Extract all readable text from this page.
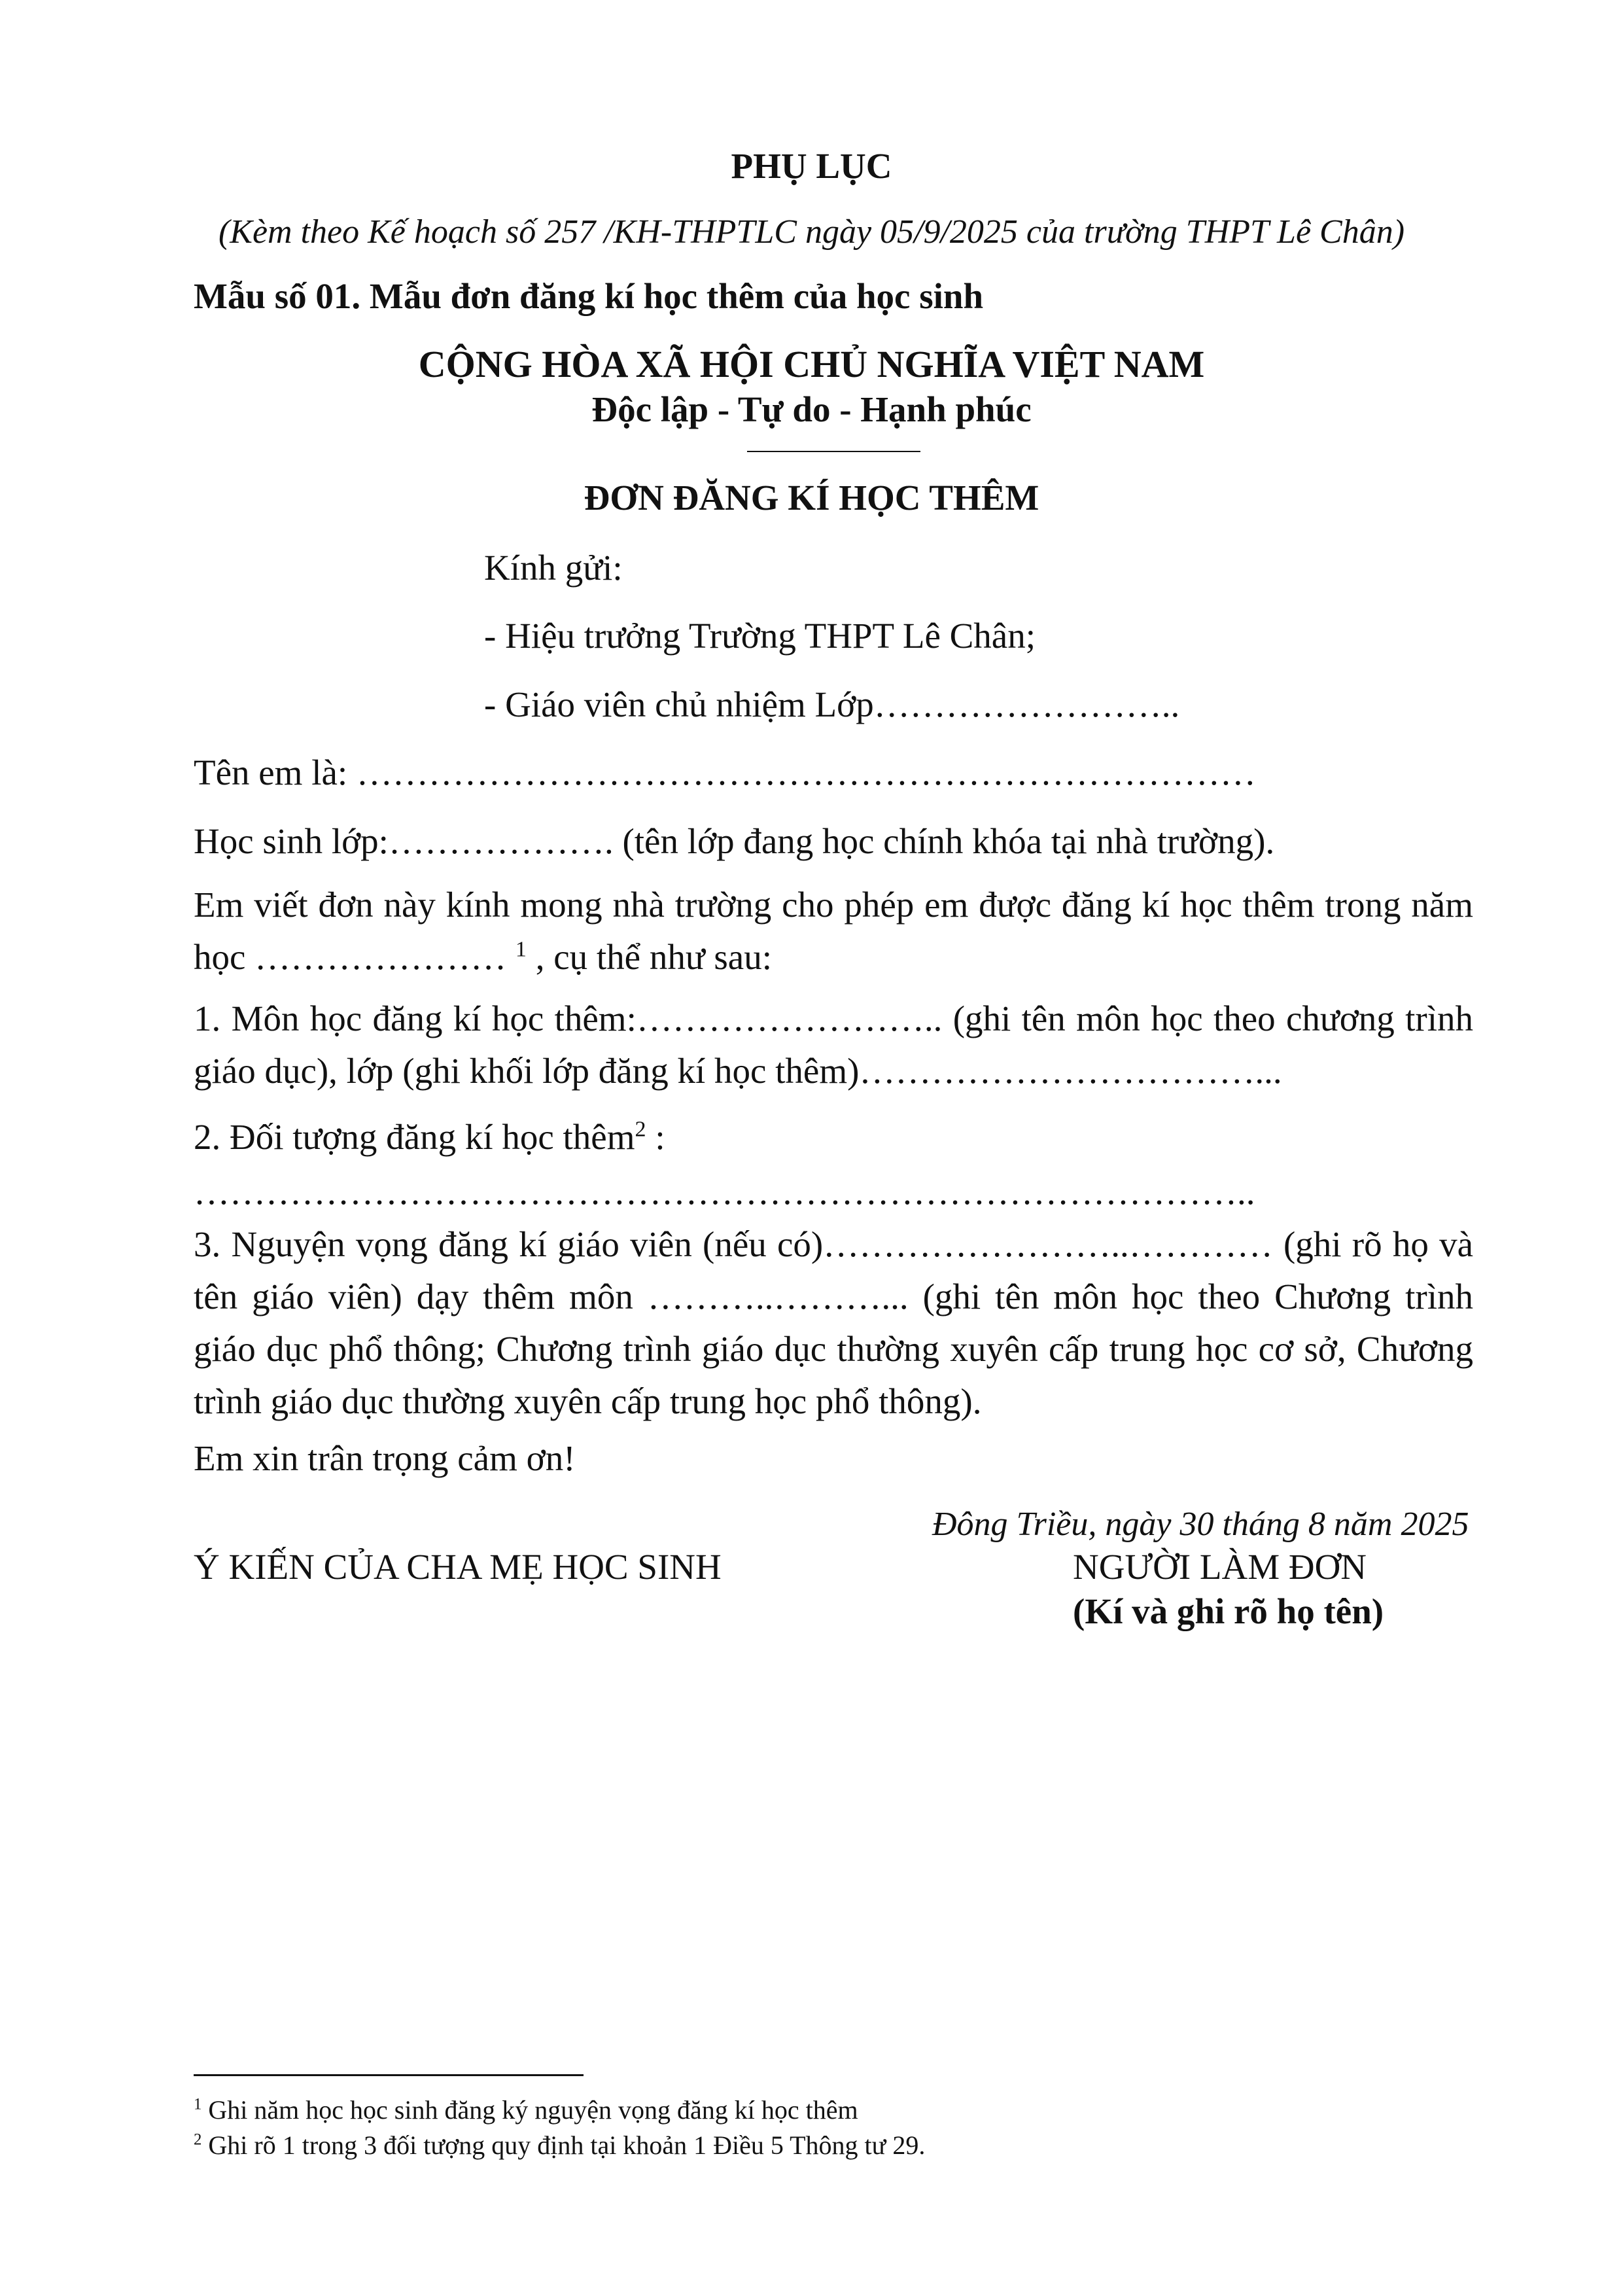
PHỤ LỤC
(Kèm theo Kế hoạch số 257 /KH-THPTLC ngày 05/9/2025 của trường THPT Lê Chân)
Mẫu số 01. Mẫu đơn đăng kí học thêm của học sinh
CỘNG HÒA XÃ HỘI CHỦ NGHĨA VIỆT NAM
Độc lập - Tự do - Hạnh phúc
ĐƠN ĐĂNG KÍ HỌC THÊM
Kính gửi:
- Hiệu trưởng Trường THPT Lê Chân;
- Giáo viên chủ nhiệm Lớp……………………..
Tên em là: …………………………………………………………………
Học sinh lớp:………………. (tên lớp đang học chính khóa tại nhà trường).
Em viết đơn này kính mong nhà trường cho phép em được đăng kí học thêm trong năm học ………………… $^1$ , cụ thể như sau:
1. Môn học đăng kí học thêm:…………………….. (ghi tên môn học theo chương trình giáo dục), lớp (ghi khối lớp đăng kí học thêm)……………………………...
2. Đối tượng đăng kí học thêm$^2$ :
……………………………………………………………………………..
3. Nguyện vọng đăng kí giáo viên (nếu có)……………………..………… (ghi rõ họ và tên giáo viên) dạy thêm môn ………..………... (ghi tên môn học theo Chương trình giáo dục phổ thông; Chương trình giáo dục thường xuyên cấp trung học cơ sở, Chương trình giáo dục thường xuyên cấp trung học phổ thông).
Em xin trân trọng cảm ơn!
Đông Triều, ngày 30 tháng 8 năm 2025
Ý KIẾN CỦA CHA MẸ HỌC SINH	NGƯỜI LÀM ĐƠN
(Kí và ghi rõ họ tên)
$^1$ Ghi năm học học sinh đăng ký nguyện vọng đăng kí học thêm
$^2$ Ghi rõ 1 trong 3 đối tượng quy định tại khoản 1 Điều 5 Thông tư 29.
